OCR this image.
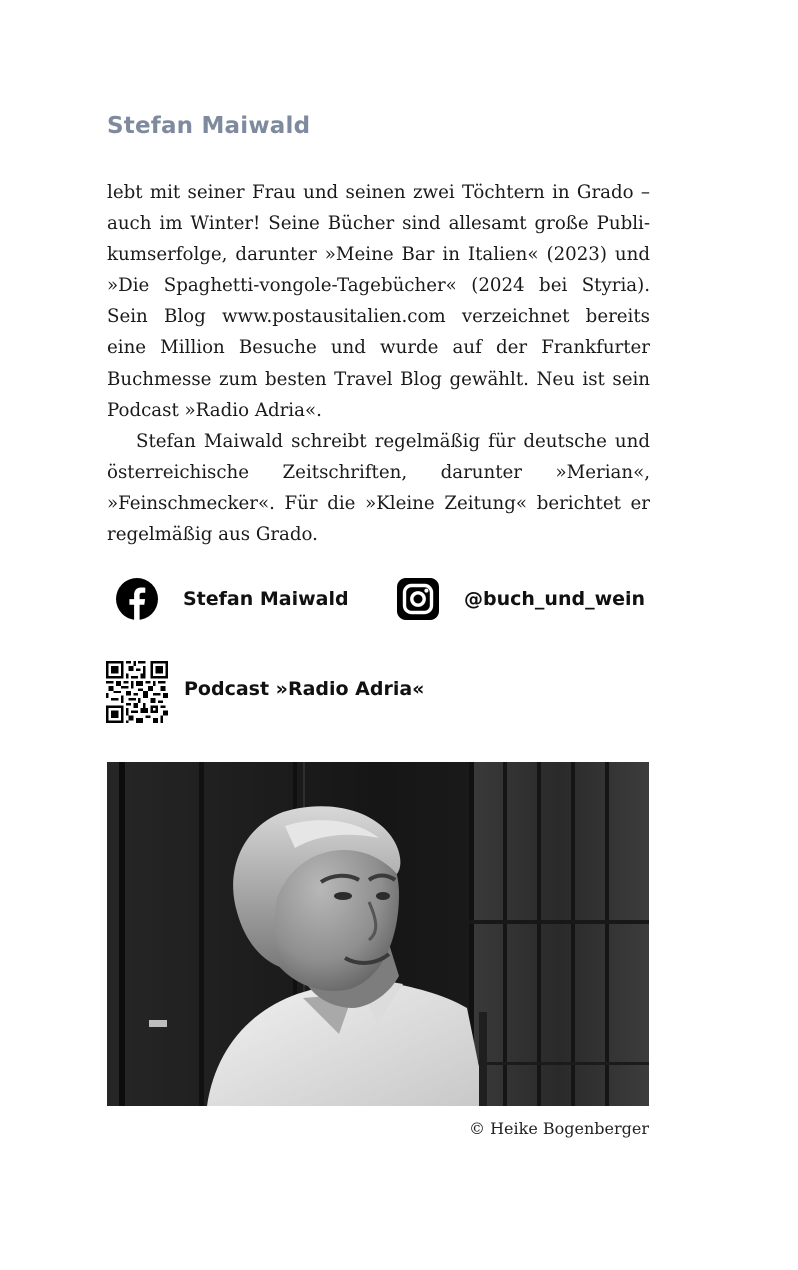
Stefan Maiwald

lebt mit seiner Frau und seinen zwei Töchtern in Grado – auch im Winter! Seine Bücher sind allesamt große Publikumserfolge, darunter »Meine Bar in Italien« (2023) und »Die Spaghetti-vongole-Tagebücher« (2024 bei Styria). Sein Blog www.postausitalien.com verzeichnet bereits eine Million Besuche und wurde auf der Frankfurter Buchmesse zum besten Travel Blog gewählt. Neu ist sein Podcast »Radio Adria«.

Stefan Maiwald schreibt regelmäßig für deutsche und österreichische Zeitschriften, darunter »Merian«, »Feinschmecker«. Für die »Kleine Zeitung« berichtet er regelmäßig aus Grado.

Stefan Maiwald	@buch_und_wein
Podcast »Radio Adria«
© Heike Bogenberger
